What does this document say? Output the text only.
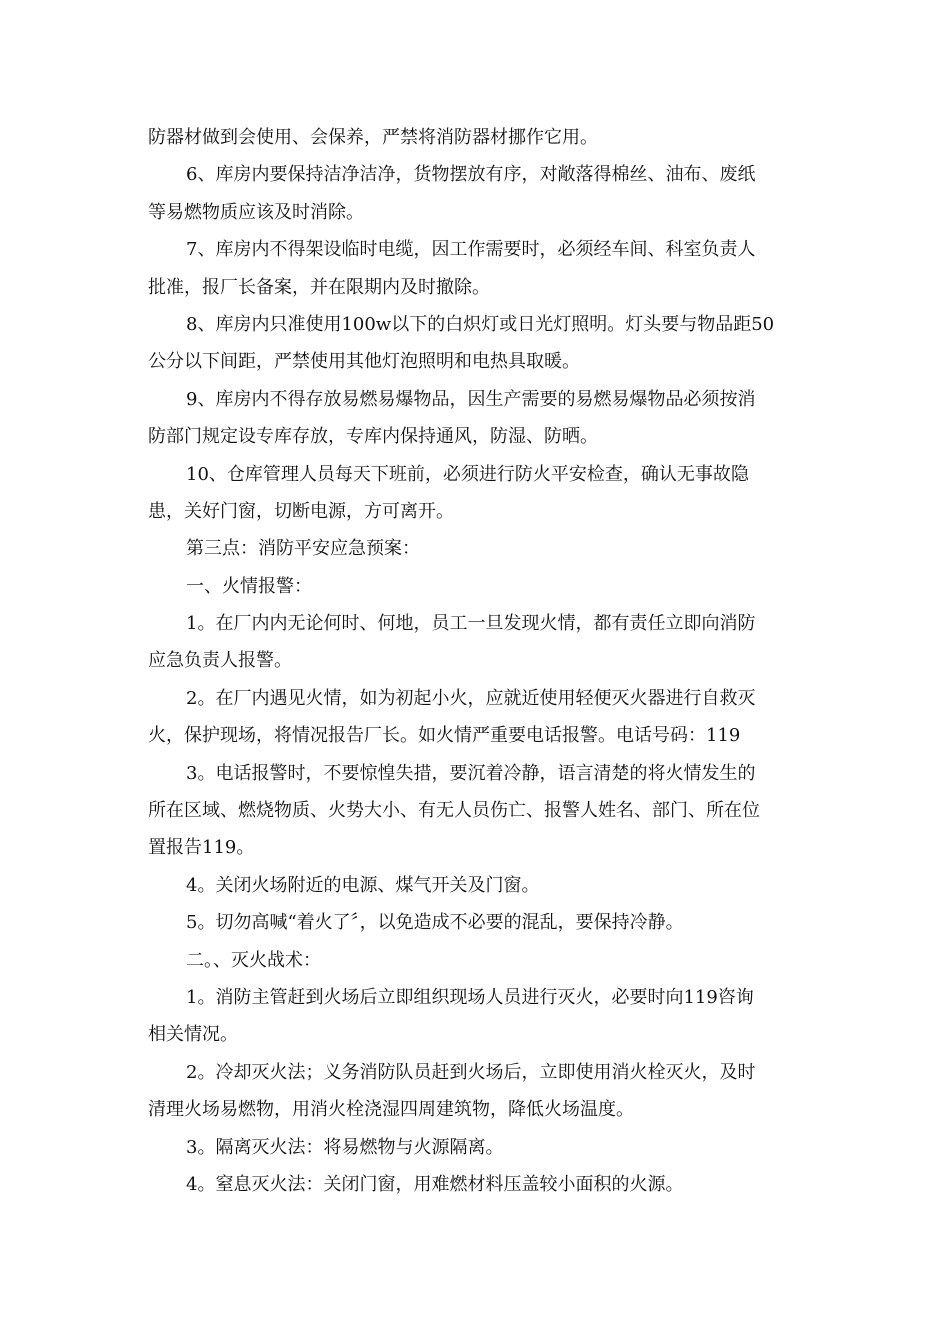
防器材做到会使用、会保养，严禁将消防器材挪作它用。
6、库房内要保持洁净洁净，货物摆放有序，对敞落得棉丝、油布、废纸
等易燃物质应该及时消除。
7、库房内不得架设临时电缆，因工作需要时，必须经车间、科室负责人
批准，报厂长备案，并在限期内及时撤除。
8、库房内只准使用100w以下的白炽灯或日光灯照明。灯头要与物品距50
公分以下间距，严禁使用其他灯泡照明和电热具取暖。
9、库房内不得存放易燃易爆物品，因生产需要的易燃易爆物品必须按消
防部门规定设专库存放，专库内保持通风，防湿、防晒。
10、仓库管理人员每天下班前，必须进行防火平安检查，确认无事故隐
患，关好门窗，切断电源，方可离开。
第三点：消防平安应急预案：
一、火情报警：
1。在厂内内无论何时、何地，员工一旦发现火情，都有责任立即向消防
应急负责人报警。
2。在厂内遇见火情，如为初起小火，应就近使用轻便灭火器进行自救灭
火，保护现场，将情况报告厂长。如火情严重要电话报警。电话号码：119
3。电话报警时，不要惊惶失措，要沉着冷静，语言清楚的将火情发生的
所在区域、燃烧物质、火势大小、有无人员伤亡、报警人姓名、部门、所在位
置报告119。
4。关闭火场附近的电源、煤气开关及门窗。
5。切勿高喊“着火了〞，以免造成不必要的混乱，要保持冷静。
二。、灭火战术：
1。消防主管赶到火场后立即组织现场人员进行灭火，必要时向119咨询
相关情况。
2。冷却灭火法；义务消防队员赶到火场后，立即使用消火栓灭火，及时
清理火场易燃物，用消火栓浇湿四周建筑物，降低火场温度。
3。隔离灭火法：将易燃物与火源隔离。
4。窒息灭火法：关闭门窗，用难燃材料压盖较小面积的火源。
